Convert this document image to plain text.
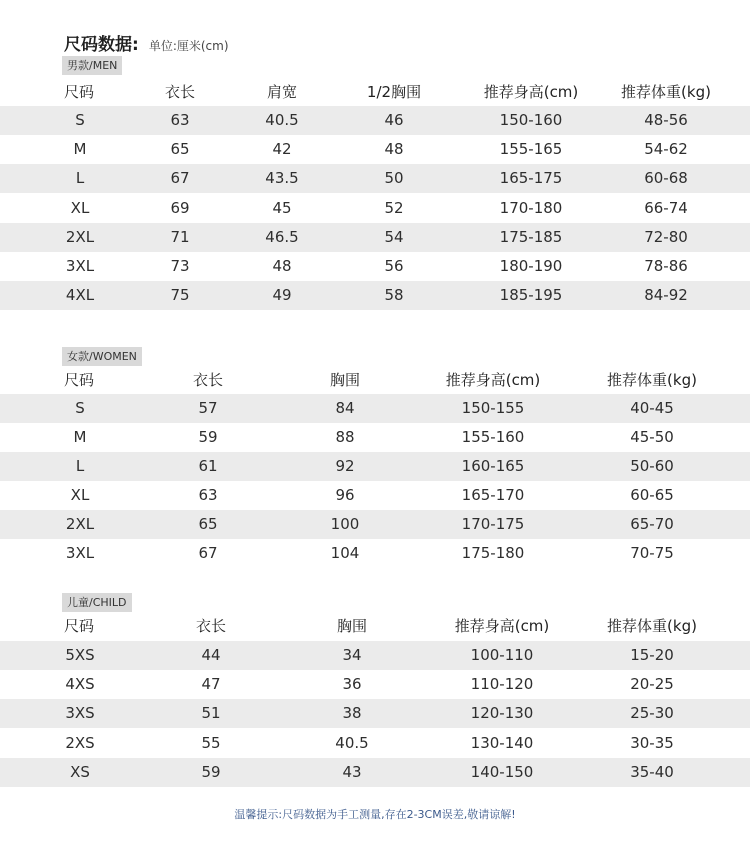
尺码数据: 单位:厘米(cm)
男款/MEN
尺码	衣长	肩宽	1/2胸围	推荐身高(cm)	推荐体重(kg)
S	63	40.5	46	150-160	48-56
M	65	42	48	155-165	54-62
L	67	43.5	50	165-175	60-68
XL	69	45	52	170-180	66-74
2XL	71	46.5	54	175-185	72-80
3XL	73	48	56	180-190	78-86
4XL	75	49	58	185-195	84-92
女款/WOMEN
尺码	衣长	胸围	推荐身高(cm)	推荐体重(kg)
S	57	84	150-155	40-45
M	59	88	155-160	45-50
L	61	92	160-165	50-60
XL	63	96	165-170	60-65
2XL	65	100	170-175	65-70
3XL	67	104	175-180	70-75
儿童/CHILD
尺码	衣长	胸围	推荐身高(cm)	推荐体重(kg)
5XS	44	34	100-110	15-20
4XS	47	36	110-120	20-25
3XS	51	38	120-130	25-30
2XS	55	40.5	130-140	30-35
XS	59	43	140-150	35-40
温馨提示:尺码数据为手工测量,存在2-3CM误差,敬请谅解!
